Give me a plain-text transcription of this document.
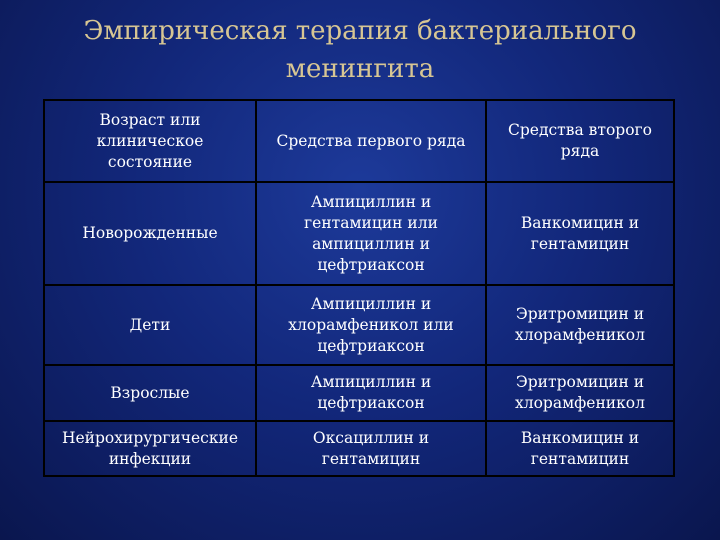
Эмпирическая терапия бактериального
менингита
Возраст или
клиническое
состояние	Средства первого ряда	Средства второго
ряда

Новорожденные	Ампициллин и
гентамицин или
ампициллин и
цефтриаксон	Ванкомицин и
гентамицин

Дети	Ампициллин и
хлорамфеникол или
цефтриаксон	Эритромицин и
хлорамфеникол

Взрослые	Ампициллин и
цефтриаксон	Эритромицин и
хлорамфеникол

Нейрохирургические
инфекции	Оксациллин и
гентамицин	Ванкомицин и
гентамицин
